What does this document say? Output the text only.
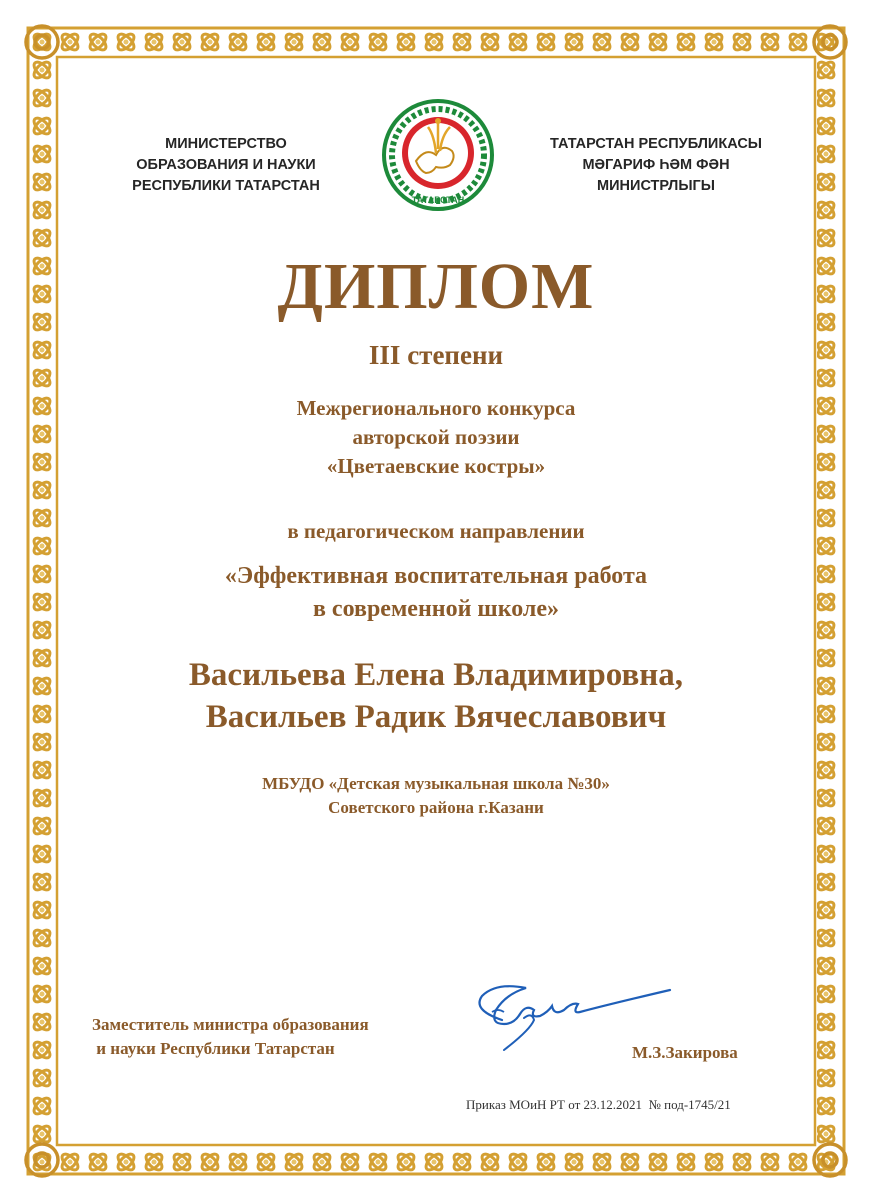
МИНИСТЕРСТВО
ОБРАЗОВАНИЯ И НАУКИ
РЕСПУБЛИКИ ТАТАРСТАН
ТАТАРСТАН
ТАТАРСТАН РЕСПУБЛИКАСЫ
МӘГАРИФ ҺӘМ ФӘН
МИНИСТРЛЫГЫ
ДИПЛОМ
III степени
Межрегионального конкурса
авторской поэзии
«Цветаевские костры»
в педагогическом направлении
«Эффективная воспитательная работа
в современной школе»
Васильева Елена Владимировна,
Васильев Радик Вячеславович
МБУДО «Детская музыкальная школа №30»
Советского района г.Казани
Заместитель министра образования
и науки Республики Татарстан	М.З.Закирова
Приказ МОиН РТ от 23.12.2021  № под-1745/21
